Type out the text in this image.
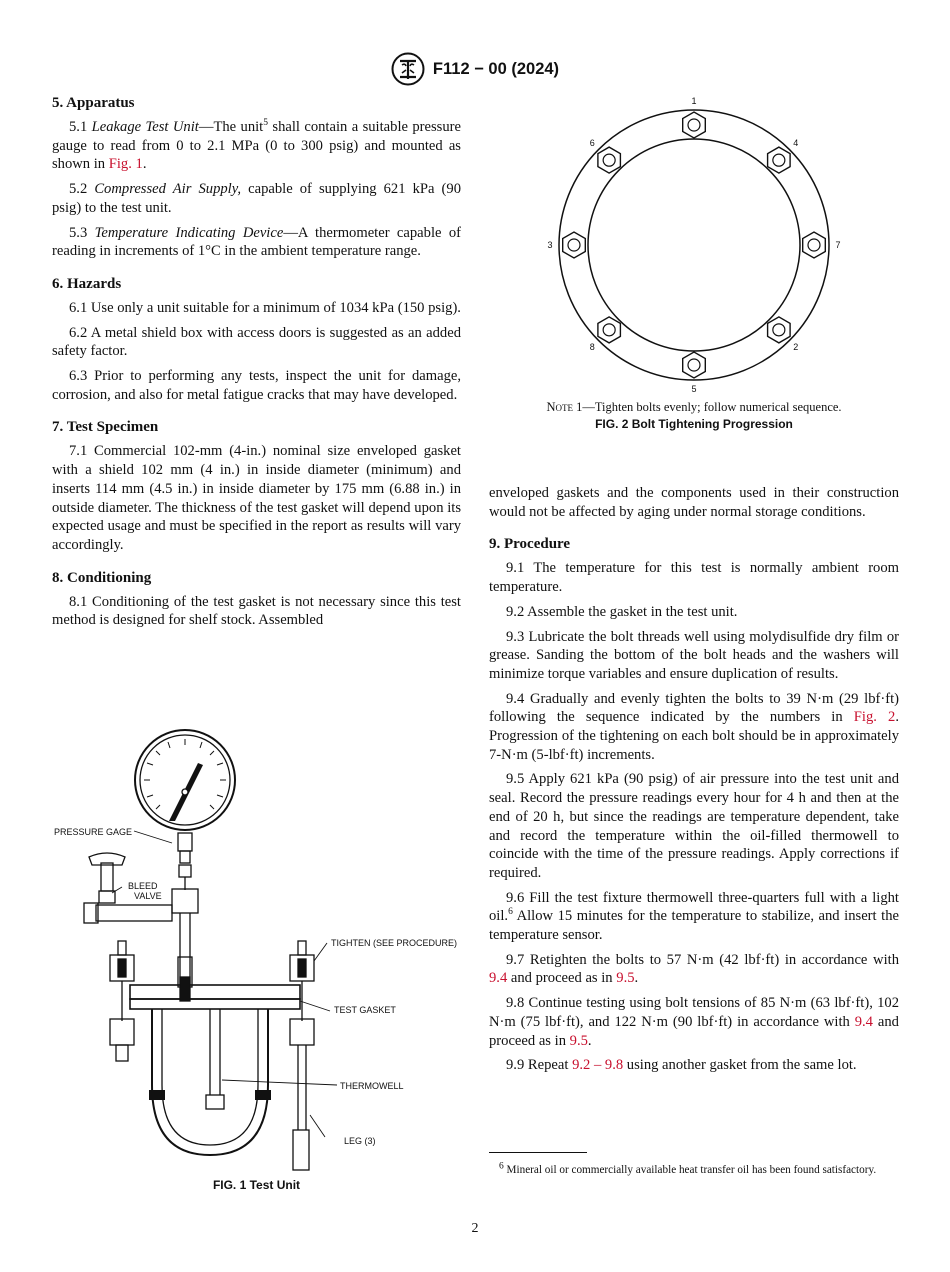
F112 − 00 (2024)
5. Apparatus

5.1 Leakage Test Unit—The unit$^5$ shall contain a suitable pressure gauge to read from 0 to 2.1 MPa (0 to 300 psig) and mounted as shown in Fig. 1.

5.2 Compressed Air Supply, capable of supplying 621 kPa (90 psig) to the test unit.

5.3 Temperature Indicating Device—A thermometer capable of reading in increments of 1°C in the ambient temperature range.

6. Hazards

6.1 Use only a unit suitable for a minimum of 1034 kPa (150 psig).

6.2 A metal shield box with access doors is suggested as an added safety factor.

6.3 Prior to performing any tests, inspect the unit for damage, corrosion, and also for metal fatigue cracks that may have developed.

7. Test Specimen

7.1 Commercial 102-mm (4-in.) nominal size enveloped gasket with a shield 102 mm (4 in.) in inside diameter (minimum) and inserts 114 mm (4.5 in.) in inside diameter by 175 mm (6.88 in.) in outside diameter. The thickness of the test gasket will depend upon its expected usage and must be specified in the report as results will vary accordingly.

8. Conditioning

8.1 Conditioning of the test gasket is not necessary since this test method is designed for shelf stock. Assembled

PRESSURE GAGE
BLEED
VALVE
TIGHTEN (SEE PROCEDURE)
TEST GASKET
THERMOWELL
LEG (3)
FIG. 1 Test Unit
1
2
3
4
5
6
7
8
Note 1—Tighten bolts evenly; follow numerical sequence.
FIG. 2 Bolt Tightening Progression

enveloped gaskets and the components used in their construction would not be affected by aging under normal storage conditions.

9. Procedure

9.1 The temperature for this test is normally ambient room temperature.

9.2 Assemble the gasket in the test unit.

9.3 Lubricate the bolt threads well using molydisulfide dry film or grease. Sanding the bottom of the bolt heads and the washers will minimize torque variables and ensure duplication of results.

9.4 Gradually and evenly tighten the bolts to 39 N·m (29 lbf·ft) following the sequence indicated by the numbers in Fig. 2. Progression of the tightening on each bolt should be in approximately 7-N·m (5-lbf·ft) increments.

9.5 Apply 621 kPa (90 psig) of air pressure into the test unit and seal. Record the pressure readings every hour for 4 h and then at the end of 20 h, but since the readings are temperature dependent, take and record the temperature within the oil-filled thermowell to coincide with the time of the pressure readings. Apply corrections if required.

9.6 Fill the test fixture thermowell three-quarters full with a light oil.$^6$ Allow 15 minutes for the temperature to stabilize, and insert the temperature sensor.

9.7 Retighten the bolts to 57 N·m (42 lbf·ft) in accordance with 9.4 and proceed as in 9.5.

9.8 Continue testing using bolt tensions of 85 N·m (63 lbf·ft), 102 N·m (75 lbf·ft), and 122 N·m (90 lbf·ft) in accordance with 9.4 and proceed as in 9.5.

9.9 Repeat 9.2 – 9.8 using another gasket from the same lot.

$^6$ Mineral oil or commercially available heat transfer oil has been found satisfactory.

2
